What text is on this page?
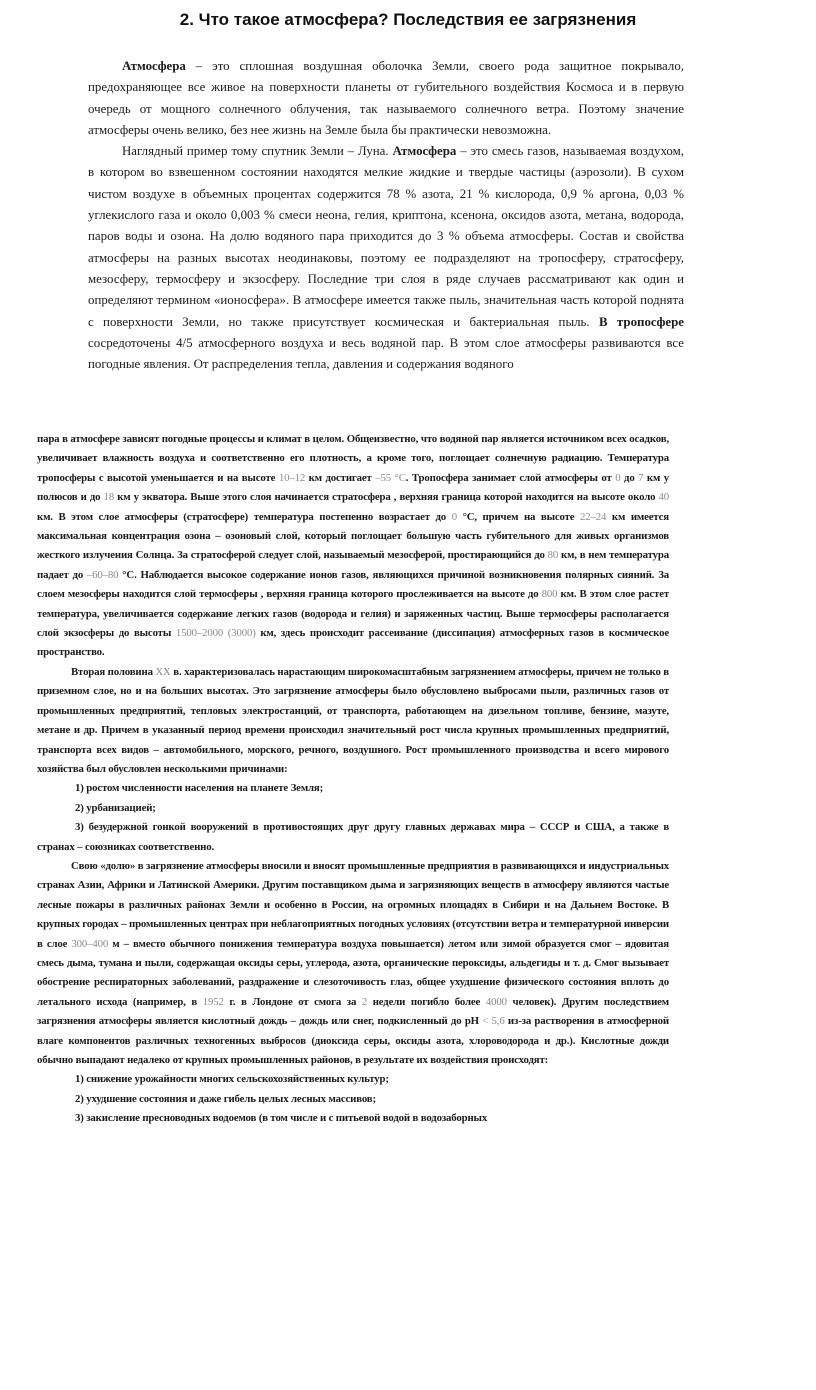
2. Что такое атмосфера? Последствия ее загрязнения

Атмосфера – это сплошная воздушная оболочка Земли, своего рода защитное покрывало, предохраняющее все живое на поверхности планеты от губительного воздействия Космоса и в первую очередь от мощного солнечного облучения, так называемого солнечного ветра. Поэтому значение атмосферы очень велико, без нее жизнь на Земле была бы практически невозможна.

Наглядный пример тому спутник Земли – Луна. Атмосфера – это смесь газов, называемая воздухом, в котором во взвешенном состоянии находятся мелкие жидкие и твердые частицы (аэрозоли). В сухом чистом воздухе в объемных процентах содержится 78 % азота, 21 % кислорода, 0,9 % аргона, 0,03 % углекислого газа и около 0,003 % смеси неона, гелия, криптона, ксенона, оксидов азота, метана, водорода, паров воды и озона. На долю водяного пара приходится до 3 % объема атмосферы. Состав и свойства атмосферы на разных высотах неодинаковы, поэтому ее подразделяют на тропосферу, стратосферу, мезосферу, термосферу и экзосферу. Последние три слоя в ряде случаев рассматривают как один и определяют термином «ионосфера». В атмосфере имеется также пыль, значительная часть которой поднята с поверхности Земли, но также присутствует космическая и бактериальная пыль. В тропосфере сосредоточены 4/5 атмосферного воздуха и весь водяной пар. В этом слое атмосферы развиваются все погодные явления. От распределения тепла, давления и содержания водяного

пара в атмосфере зависят погодные процессы и климат в целом. Общеизвестно, что водяной пар является источником всех осадков, увеличивает влажность воздуха и соответственно его плотность, а кроме того, поглощает солнечную радиацию. Температура тропосферы с высотой уменьшается и на высоте 10–12 км достигает –55 °С. Тропосфера занимает слой атмосферы от 0 до 7 км у полюсов и до 18 км у экватора. Выше этого слоя начинается стратосфера , верхняя граница которой находится на высоте около 40 км. В этом слое атмосферы (стратосфере) температура постепенно возрастает до 0 °С, причем на высоте 22–24 км имеется максимальная концентрация озона – озоновый слой, который поглощает большую часть губительного для живых организмов жесткого излучения Солнца. За стратосферой следует слой, называемый мезосферой, простирающийся до 80 км, в нем температура падает до –60–80 °С. Наблюдается высокое содержание ионов газов, являющихся причиной возникновения полярных сияний. За слоем мезосферы находится слой термосферы , верхняя граница которого прослеживается на высоте до 800 км. В этом слое растет температура, увеличивается содержание легких газов (водорода и гелия) и заряженных частиц. Выше термосферы располагается слой экзосферы до высоты 1500–2000 (3000) км, здесь происходит рассеивание (диссипация) атмосферных газов в космическое пространство.

Вторая половина XX в. характеризовалась нарастающим широкомасштабным загрязнением атмосферы, причем не только в приземном слое, но и на больших высотах. Это загрязнение атмосферы было обусловлено выбросами пыли, различных газов от промышленных предприятий, тепловых электростанций, от транспорта, работающем на дизельном топливе, бензине, мазуте, метане и др. Причем в указанный период времени происходил значительный рост числа крупных промышленных предприятий, транспорта всех видов – автомобильного, морского, речного, воздушного. Рост промышленного производства и всего мирового хозяйства был обусловлен несколькими причинами:

1) ростом численности населения на планете Земля;

2) урбанизацией;

3) безудержной гонкой вооружений в противостоящих друг другу главных державах мира – СССР и США, а также в странах – союзниках соответственно.

Свою «долю» в загрязнение атмосферы вносили и вносят промышленные предприятия в развивающихся и индустриальных странах Азии, Африки и Латинской Америки. Другим поставщиком дыма и загрязняющих веществ в атмосферу являются частые лесные пожары в различных районах Земли и особенно в России, на огромных площадях в Сибири и на Дальнем Востоке. В крупных городах – промышленных центрах при неблагоприятных погодных условиях (отсутствии ветра и температурной инверсии в слое 300–400 м – вместо обычного понижения температура воздуха повышается) летом или зимой образуется смог – ядовитая смесь дыма, тумана и пыли, содержащая оксиды серы, углерода, азота, органические пероксиды, альдегиды и т. д. Смог вызывает обострение респираторных заболеваний, раздражение и слезоточивость глаз, общее ухудшение физического состояния вплоть до летального исхода (например, в 1952 г. в Лондоне от смога за 2 недели погибло более 4000 человек). Другим последствием загрязнения атмосферы является кислотный дождь – дождь или снег, подкисленный до pH < 5,6 из-за растворения в атмосферной влаге компонентов различных техногенных выбросов (диоксида серы, оксиды азота, хлороводорода и др.). Кислотные дожди обычно выпадают недалеко от крупных промышленных районов, в результате их воздействия происходят:

1) снижение урожайности многих сельскохозяйственных культур;

2) ухудшение состояния и даже гибель целых лесных массивов;

3) закисление пресноводных водоемов (в том числе и с питьевой водой в водозаборных
